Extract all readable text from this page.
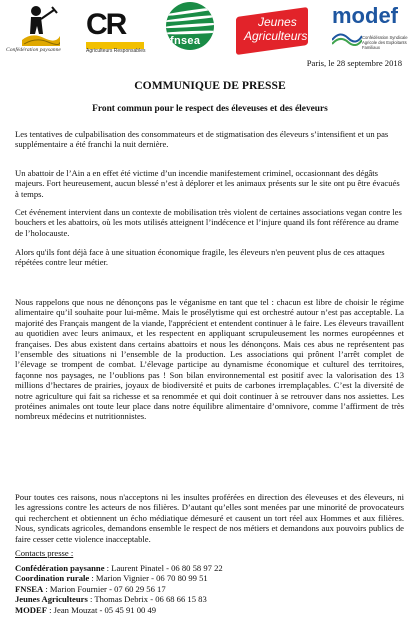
Confédération paysanne
CR
Agriculteurs Responsables
fnsea
Jeunes
Agriculteurs
modef
Confédération Syndicale Agricole des Exploitants Familiaux
Paris, le 28 septembre 2018
COMMUNIQUE DE PRESSE
Front commun pour le respect des éleveuses et des éleveurs

Les tentatives de culpabilisation des consommateurs et de stigmatisation des éleveurs s’intensifient et un pas supplémentaire a été franchi la nuit dernière.

Un abattoir de l’Ain a en effet été victime d’un incendie manifestement criminel, occasionnant des dégâts majeurs. Fort heureusement, aucun blessé n’est à déplorer et les animaux présents sur le site ont pu être évacués à temps.

Cet événement intervient dans un contexte de mobilisation très violent de certaines associations vegan contre les bouchers et les abattoirs, où les mots utilisés atteignent l’indécence et l’injure quand ils font référence au drame de l’holocauste.

Alors qu'ils font déjà face à une situation économique fragile, les éleveurs n'en peuvent plus de ces attaques répétées contre leur métier.

Nous rappelons que nous ne dénonçons pas le véganisme en tant que tel : chacun est libre de choisir le régime alimentaire qu’il souhaite pour lui-même. Mais le prosélytisme qui est orchestré autour n’est pas acceptable. La majorité des Français mangent de la viande, l'apprécient et entendent continuer à le faire. Les éleveurs travaillent au quotidien avec leurs animaux, et les respectent en appliquant scrupuleusement les normes européennes et françaises. Des abus existent dans certains abattoirs et nous les dénonçons. Mais ces abus ne représentent pas l’ensemble des situations ni l’ensemble de la production. Les associations qui prônent l’arrêt complet de l’élevage se trompent de combat. L’élevage participe au dynamisme économique et culturel des territoires, façonne nos paysages, ne l’oublions pas ! Son bilan environnemental est positif avec la valorisation des 13 millions d’hectares de prairies, joyaux de biodiversité et puits de carbones irremplaçables. C’est la diversité de notre agriculture qui fait sa richesse et sa renommée et qui doit continuer à se retrouver dans nos assiettes. Les protéines animales ont toute leur place dans notre équilibre alimentaire d’omnivore, comme l’affirment de très nombreux médecins et nutritionnistes.

Pour toutes ces raisons, nous n'acceptons ni les insultes proférées en direction des éleveuses et des éleveurs, ni les agressions contre les acteurs de nos filières. D’autant qu’elles sont menées par une minorité de provocateurs qui recherchent et obtiennent un écho médiatique démesuré et causent un tort réel aux Hommes et aux filières. Nous, syndicats agricoles, demandons ensemble le respect de nos métiers et demandons aux pouvoirs publics de faire cesser cette violence inacceptable.

Contacts presse :
Confédération paysanne : Laurent Pinatel - 06 80 58 97 22
Coordination rurale : Marion Vignier - 06 70 80 99 51
FNSEA : Marion Fournier - 07 60 29 56 17
Jeunes Agriculteurs : Thomas Debrix - 06 68 66 15 83
MODEF : Jean Mouzat - 05 45 91 00 49
